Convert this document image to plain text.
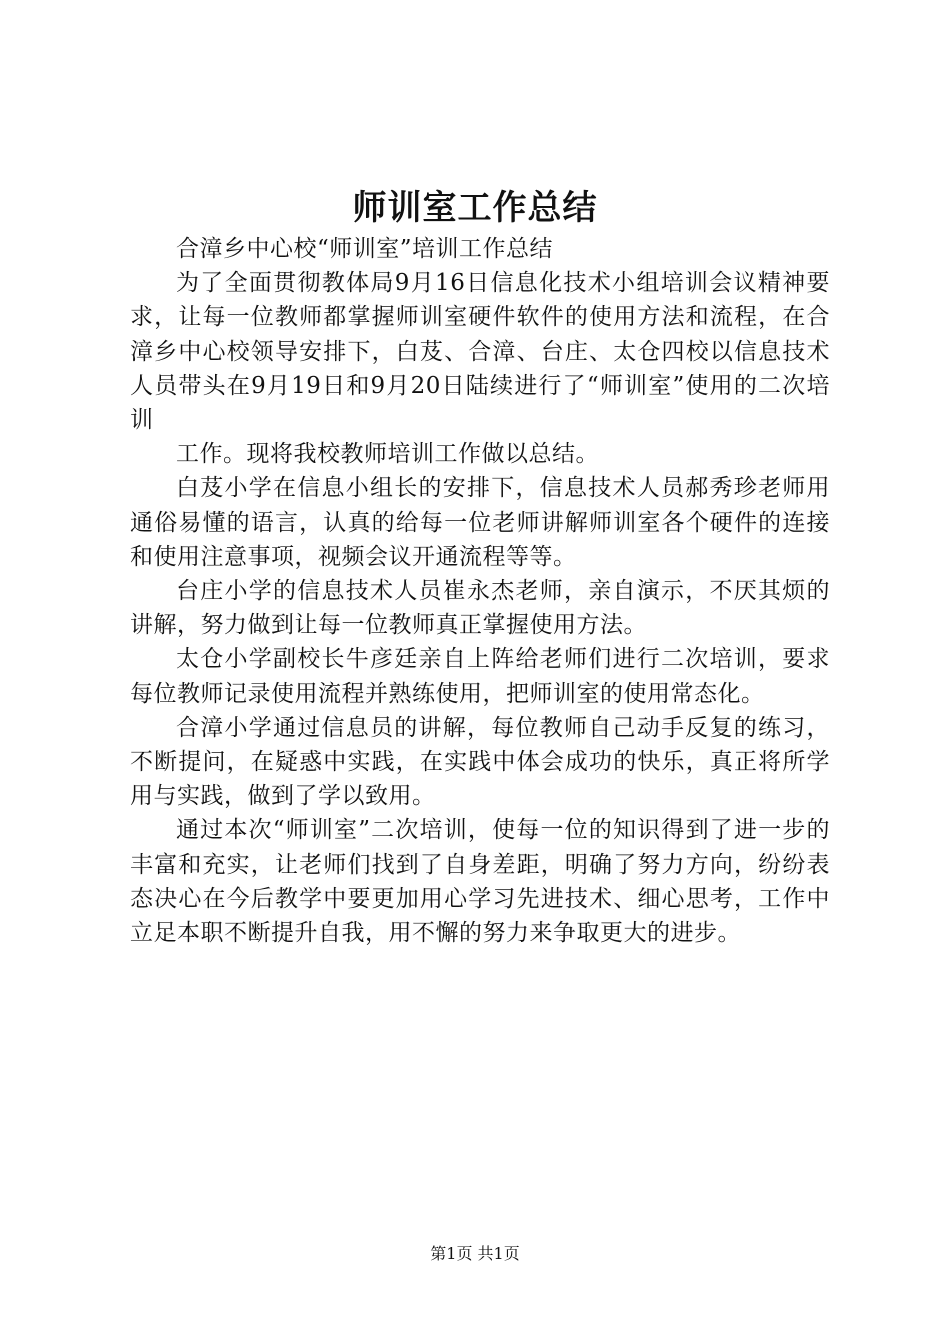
师训室工作总结

合漳乡中心校“师训室”培训工作总结

为了全面贯彻教体局9月16日信息化技术小组培训会议精神要求，让每一位教师都掌握师训室硬件软件的使用方法和流程，在合漳乡中心校领导安排下，白芨、合漳、台庄、太仓四校以信息技术人员带头在9月19日和9月20日陆续进行了“师训室”使用的二次培训

工作。现将我校教师培训工作做以总结。

白芨小学在信息小组长的安排下，信息技术人员郝秀珍老师用通俗易懂的语言，认真的给每一位老师讲解师训室各个硬件的连接和使用注意事项，视频会议开通流程等等。

台庄小学的信息技术人员崔永杰老师，亲自演示，不厌其烦的讲解，努力做到让每一位教师真正掌握使用方法。

太仓小学副校长牛彦廷亲自上阵给老师们进行二次培训，要求每位教师记录使用流程并熟练使用，把师训室的使用常态化。

合漳小学通过信息员的讲解，每位教师自己动手反复的练习，不断提问，在疑惑中实践，在实践中体会成功的快乐，真正将所学用与实践，做到了学以致用。

通过本次“师训室”二次培训，使每一位的知识得到了进一步的丰富和充实，让老师们找到了自身差距，明确了努力方向，纷纷表态决心在今后教学中要更加用心学习先进技术、细心思考，工作中立足本职不断提升自我，用不懈的努力来争取更大的进步。

第1页 共1页
